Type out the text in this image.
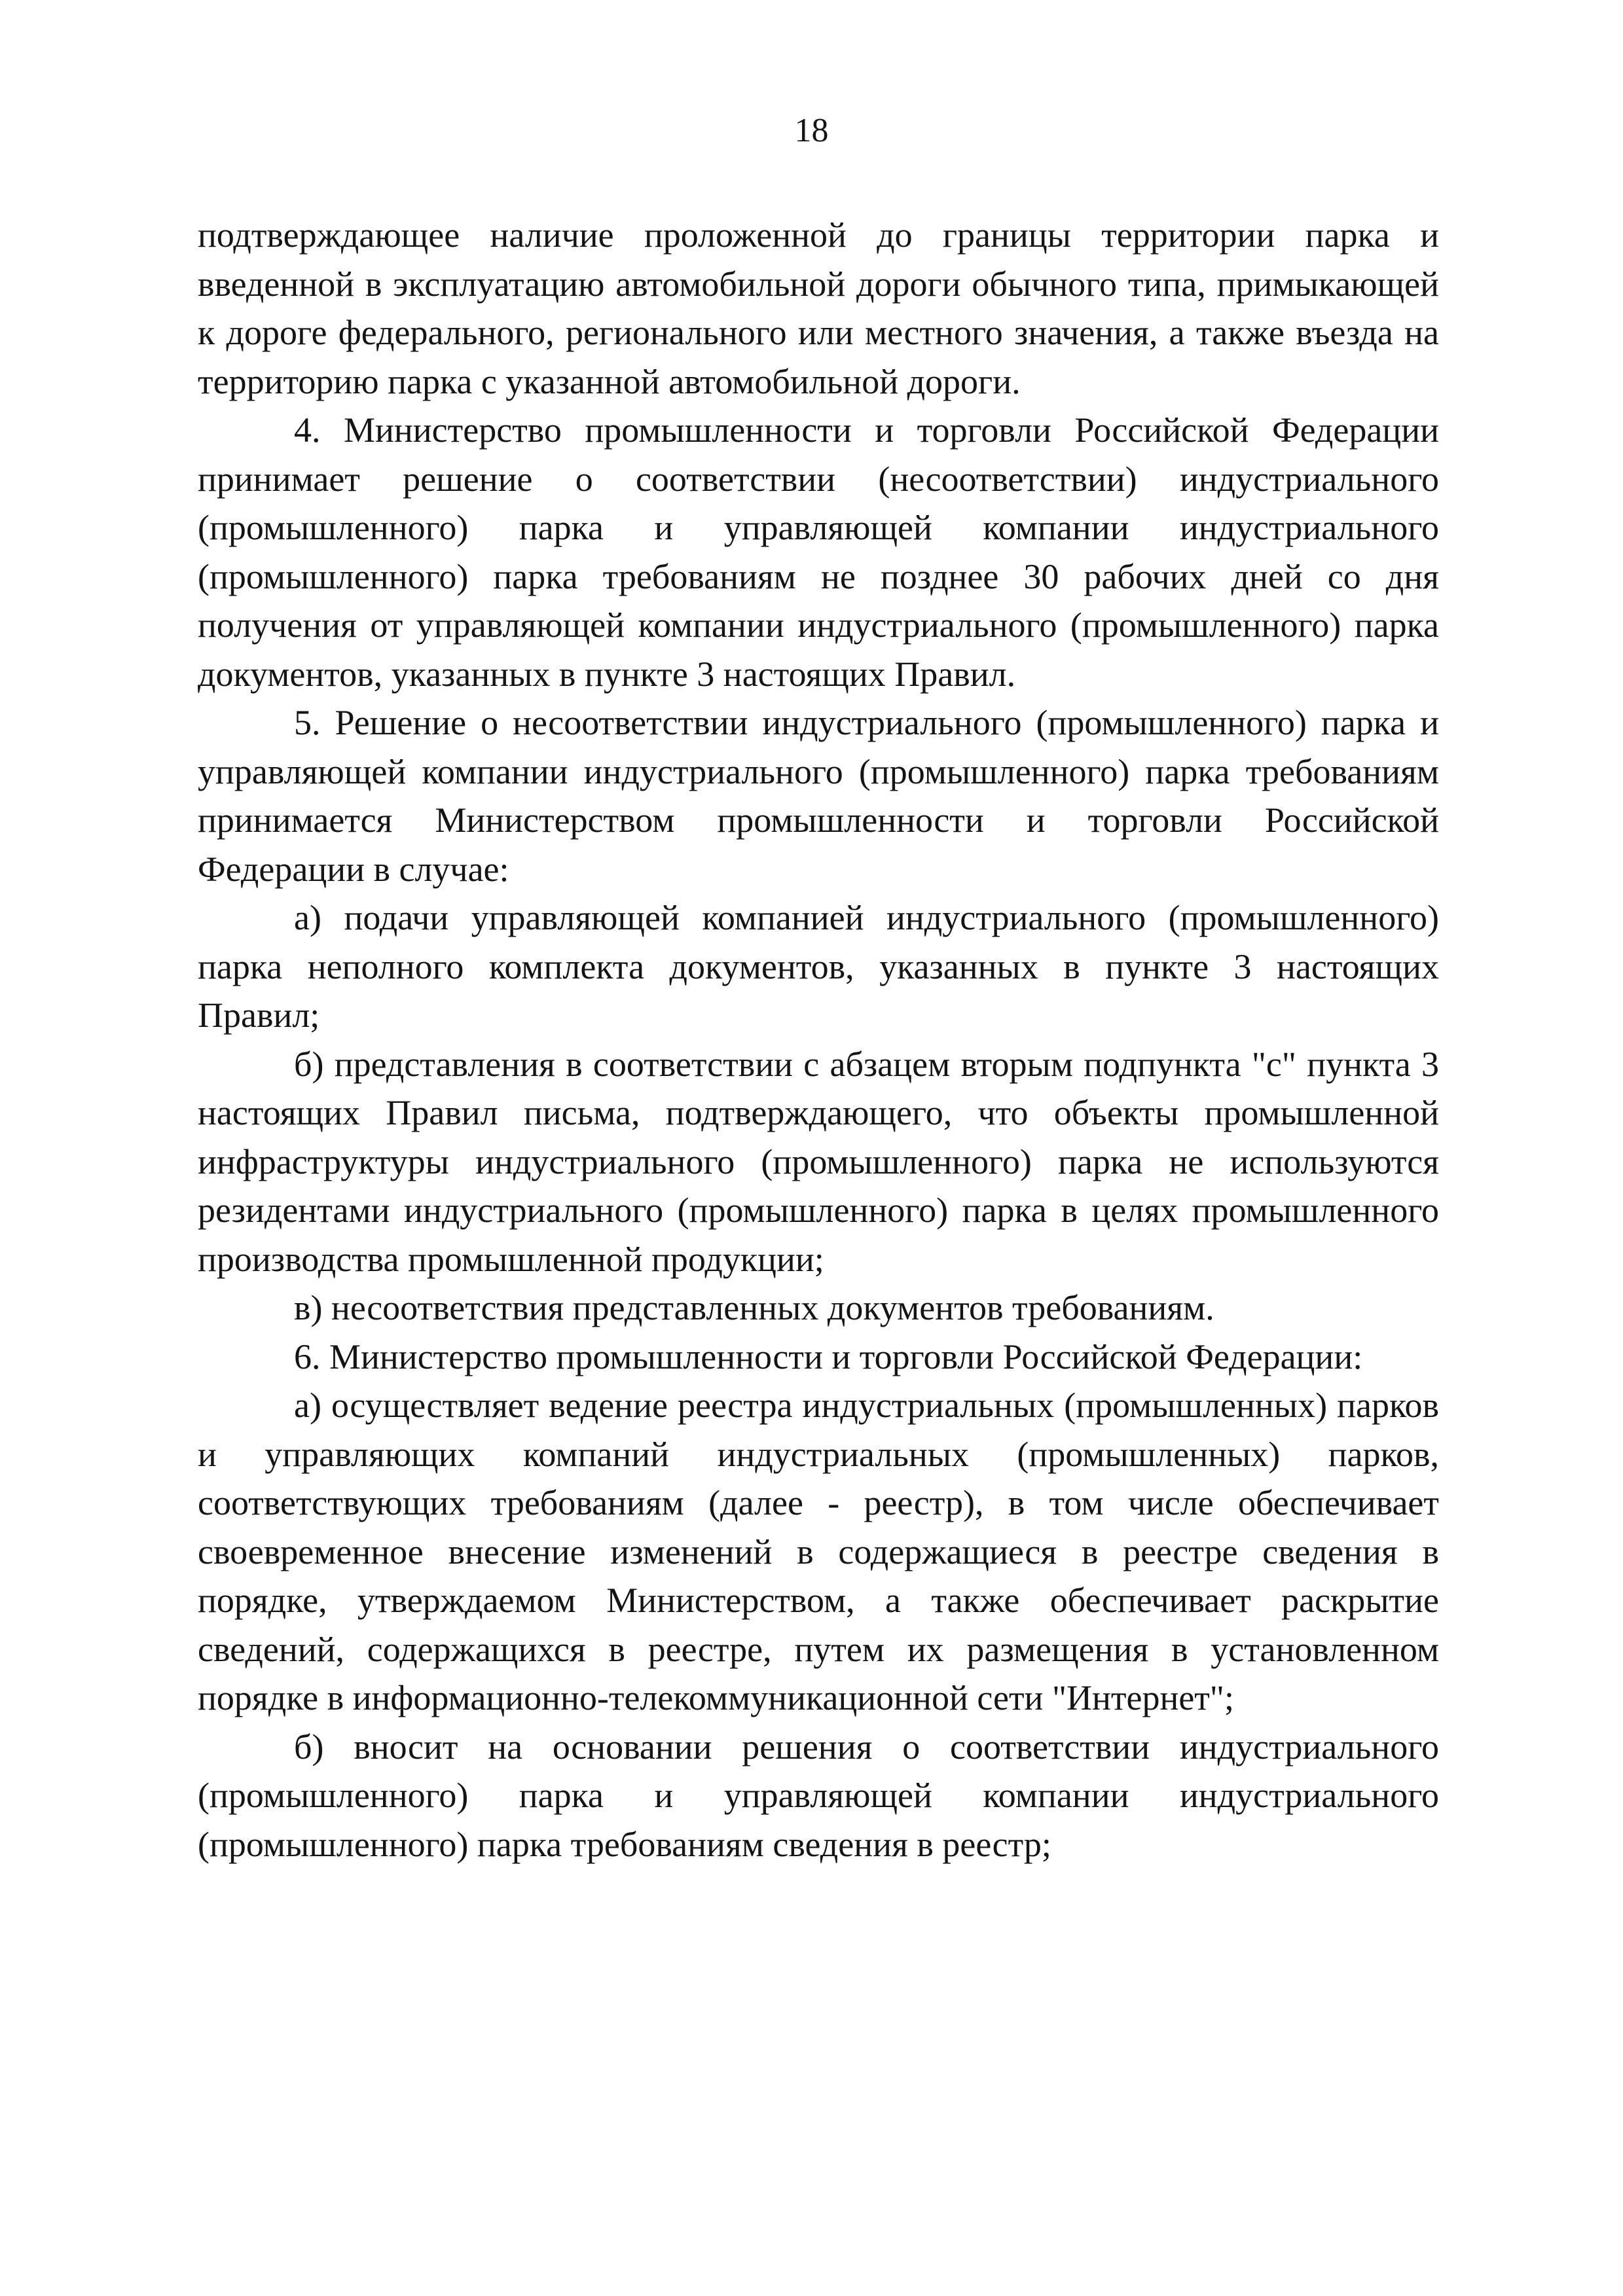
18

подтверждающее наличие проложенной до границы территории парка и введенной в эксплуатацию автомобильной дороги обычного типа, примыкающей к дороге федерального, регионального или местного значения, а также въезда на территорию парка с указанной автомобильной дороги.

4. Министерство промышленности и торговли Российской Федерации принимает решение о соответствии (несоответствии) индустриального (промышленного) парка и управляющей компании индустриального (промышленного) парка требованиям не позднее 30 рабочих дней со дня получения от управляющей компании индустриального (промышленного) парка документов, указанных в пункте 3 настоящих Правил.

5. Решение о несоответствии индустриального (промышленного) парка и управляющей компании индустриального (промышленного) парка требованиям принимается Министерством промышленности и торговли Российской Федерации в случае:

а) подачи управляющей компанией индустриального (промышленного) парка неполного комплекта документов, указанных в пункте 3 настоящих Правил;

б) представления в соответствии с абзацем вторым подпункта "с" пункта 3 настоящих Правил письма, подтверждающего, что объекты промышленной инфраструктуры индустриального (промышленного) парка не используются резидентами индустриального (промышленного) парка в целях промышленного производства промышленной продукции;

в) несоответствия представленных документов требованиям.

6. Министерство промышленности и торговли Российской Федерации:

а) осуществляет ведение реестра индустриальных (промышленных) парков и управляющих компаний индустриальных (промышленных) парков, соответствующих требованиям (далее - реестр), в том числе обеспечивает своевременное внесение изменений в содержащиеся в реестре сведения в порядке, утверждаемом Министерством, а также обеспечивает раскрытие сведений, содержащихся в реестре, путем их размещения в установленном порядке в информационно-телекоммуникационной сети "Интернет";

б) вносит на основании решения о соответствии индустриального (промышленного) парка и управляющей компании индустриального (промышленного) парка требованиям сведения в реестр;
